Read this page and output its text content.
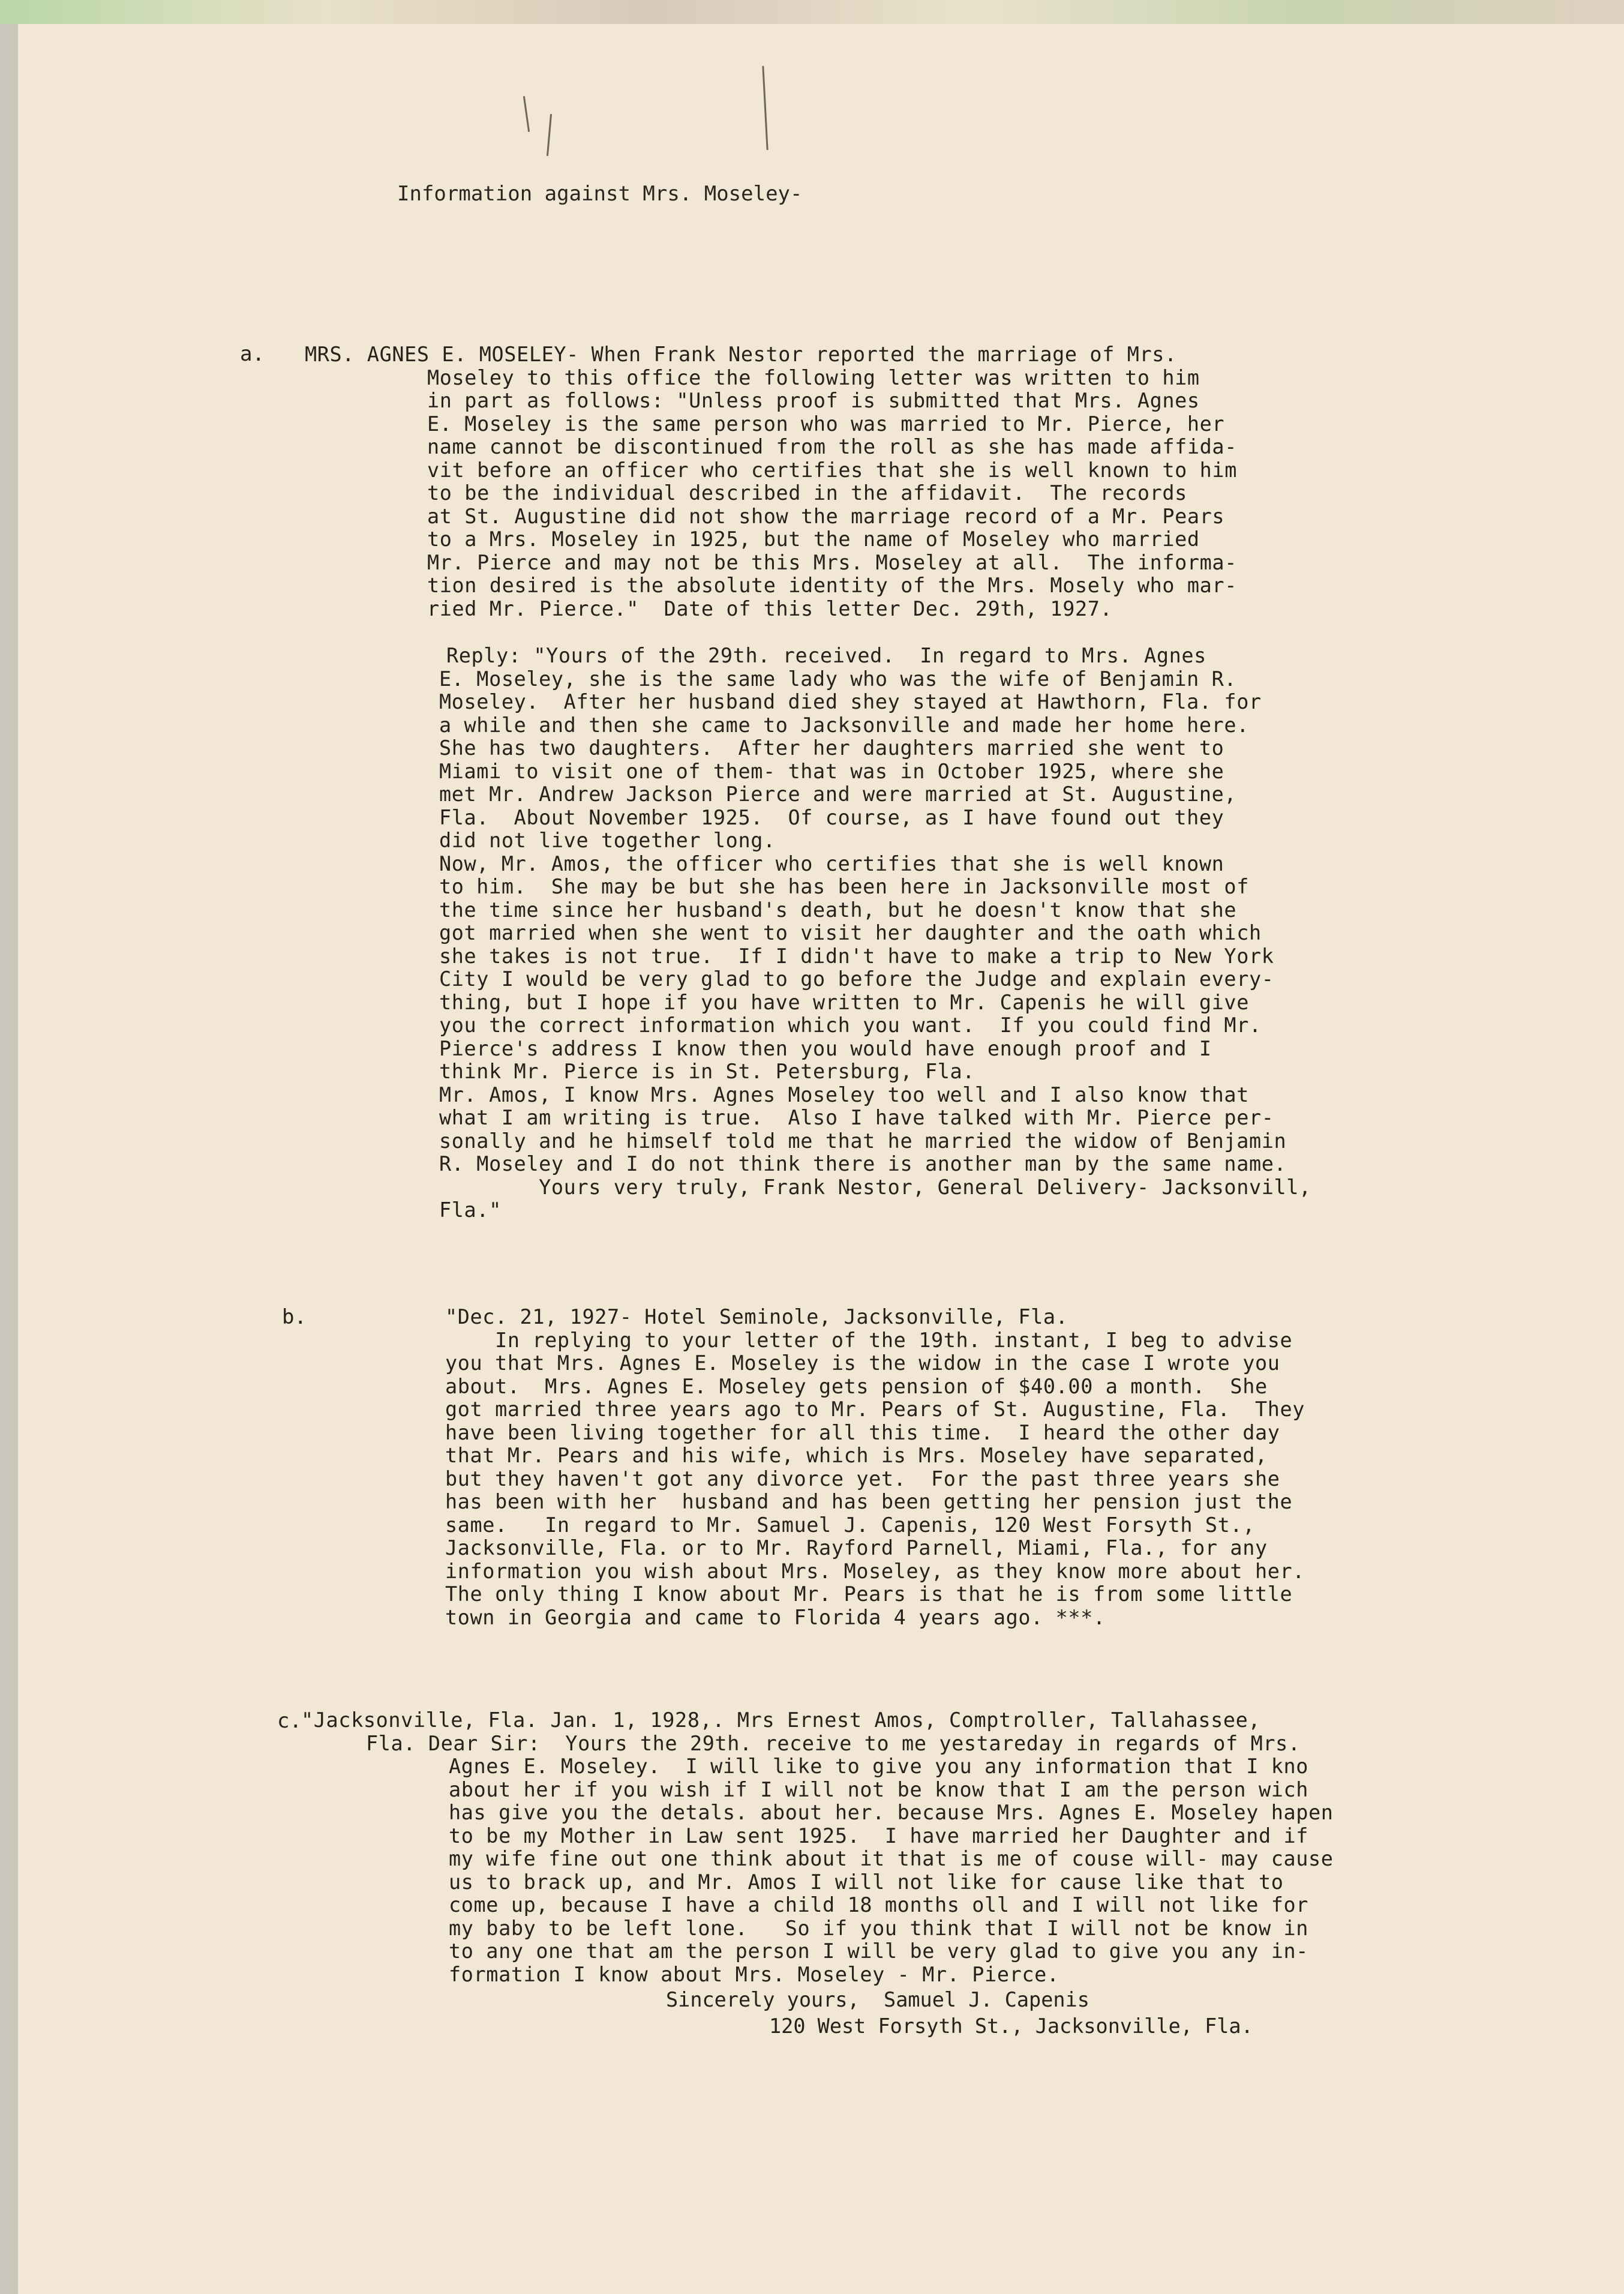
Information against Mrs. Moseley-
a. MRS. AGNES E. MOSELEY- When Frank Nestor reported the marriage of Mrs.
Moseley to this office the following letter was written to him
in part as follows: "Unless proof is submitted that Mrs. Agnes
E. Moseley is the same person who was married to Mr. Pierce, her
name cannot be discontinued from the roll as she has made affida-
vit before an officer who certifies that she is well known to him
to be the individual described in the affidavit.  The records
at St. Augustine did not show the marriage record of a Mr. Pears
to a Mrs. Moseley in 1925, but the name of Moseley who married
Mr. Pierce and may not be this Mrs. Moseley at all.  The informa-
tion desired is the absolute identity of the Mrs. Mosely who mar-
ried Mr. Pierce."  Date of this letter Dec. 29th, 1927.
Reply: "Yours of the 29th. received.  In regard to Mrs. Agnes
E. Moseley, she is the same lady who was the wife of Benjamin R.
Moseley.  After her husband died shey stayed at Hawthorn, Fla. for
a while and then she came to Jacksonville and made her home here.
She has two daughters.  After her daughters married she went to
Miami to visit one of them- that was in October 1925, where she
met Mr. Andrew Jackson Pierce and were married at St. Augustine,
Fla.  About November 1925.  Of course, as I have found out they
did not live together long.
Now, Mr. Amos, the officer who certifies that she is well known
to him.  She may be but she has been here in Jacksonville most of
the time since her husband's death, but he doesn't know that she
got married when she went to visit her daughter and the oath which
she takes is not true.  If I didn't have to make a trip to New York
City I would be very glad to go before the Judge and explain every-
thing, but I hope if you have written to Mr. Capenis he will give
you the correct information which you want.  If you could find Mr.
Pierce's address I know then you would have enough proof and I
think Mr. Pierce is in St. Petersburg, Fla.
Mr. Amos, I know Mrs. Agnes Moseley too well and I also know that
what I am writing is true.  Also I have talked with Mr. Pierce per-
sonally and he himself told me that he married the widow of Benjamin
R. Moseley and I do not think there is another man by the same name.
Yours very truly, Frank Nestor, General Delivery- Jacksonvill,
Fla."
b.	"Dec. 21, 1927- Hotel Seminole, Jacksonville, Fla.
In replying to your letter of the 19th. instant, I beg to advise
you that Mrs. Agnes E. Moseley is the widow in the case I wrote you
about.  Mrs. Agnes E. Moseley gets pension of $40.00 a month.  She
got married three years ago to Mr. Pears of St. Augustine, Fla.  They
have been living together for all this time.  I heard the other day
that Mr. Pears and his wife, which is Mrs. Moseley have separated,
but they haven't got any divorce yet.  For the past three years she
has been with her  husband and has been getting her pension just the
same.   In regard to Mr. Samuel J. Capenis, 120 West Forsyth St.,
Jacksonville, Fla. or to Mr. Rayford Parnell, Miami, Fla., for any
information you wish about Mrs. Moseley, as they know more about her.
The only thing I know about Mr. Pears is that he is from some little
town in Georgia and came to Florida 4 years ago. ***.
c. "Jacksonville, Fla. Jan. 1, 1928,. Mrs Ernest Amos, Comptroller, Tallahassee,
Fla. Dear Sir:  Yours the 29th. receive to me yestareday in regards of Mrs.
Agnes E. Moseley.  I will like to give you any information that I kno
about her if you wish if I will not be know that I am the person wich
has give you the detals. about her. because Mrs. Agnes E. Moseley hapen
to be my Mother in Law sent 1925.  I have married her Daughter and if
my wife fine out one think about it that is me of couse will- may cause
us to brack up, and Mr. Amos I will not like for cause like that to
come up, because I have a child 18 months oll and I will not like for
my baby to be left lone.   So if you think that I will not be know in
to any one that am the person I will be very glad to give you any in-
formation I know about Mrs. Moseley - Mr. Pierce.
Sincerely yours,  Samuel J. Capenis
120 West Forsyth St., Jacksonville, Fla.
